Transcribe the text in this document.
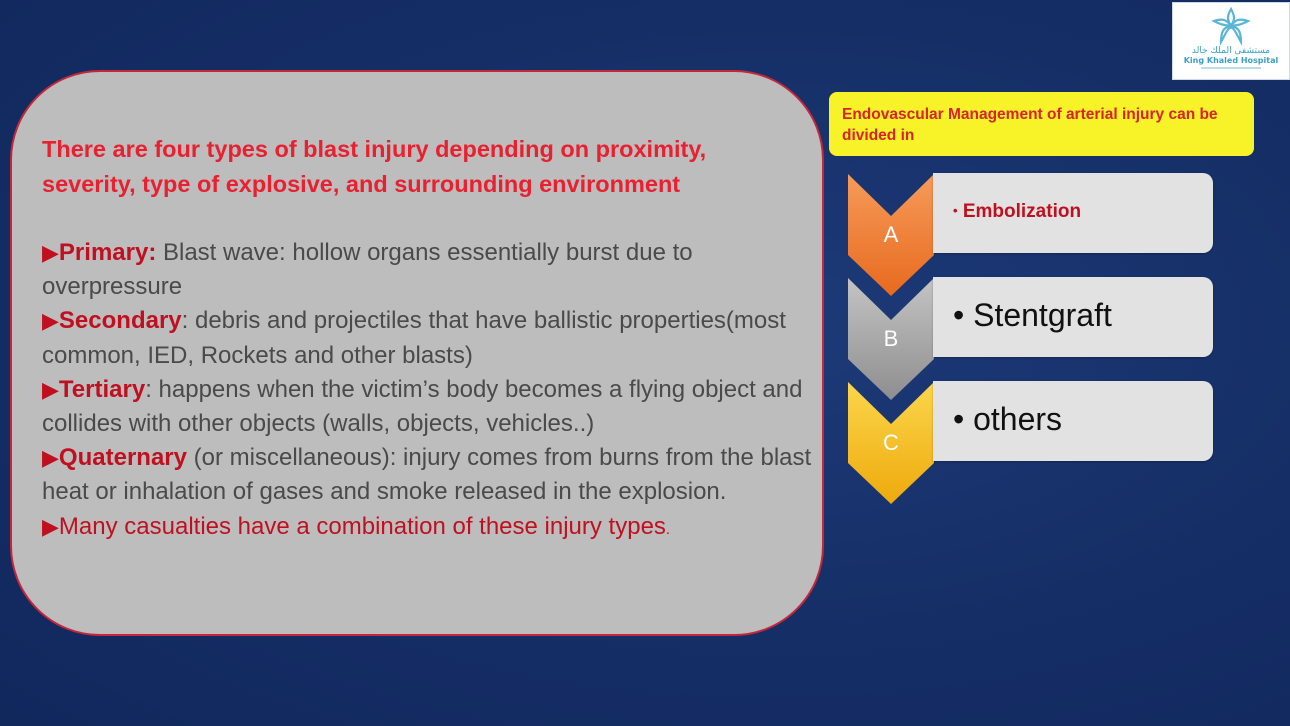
مستشفى الملك خالد
King Khaled Hospital
There are four types of blast injury depending on proximity, severity, type of explosive, and surrounding environment

▶Primary: Blast wave: hollow organs essentially burst due to overpressure

▶Secondary: debris and projectiles that have ballistic properties(most common, IED, Rockets and other blasts)

▶Tertiary: happens when the victim’s body becomes a flying object and collides with other objects (walls, objects, vehicles..)

▶Quaternary (or miscellaneous): injury comes from burns from the blast heat or inhalation of gases and smoke released in the explosion.

▶Many casualties have a combination of these injury types.

Endovascular Management of arterial injury can be divided in
A
B
C
• Embolization
• Stentgraft
• others
